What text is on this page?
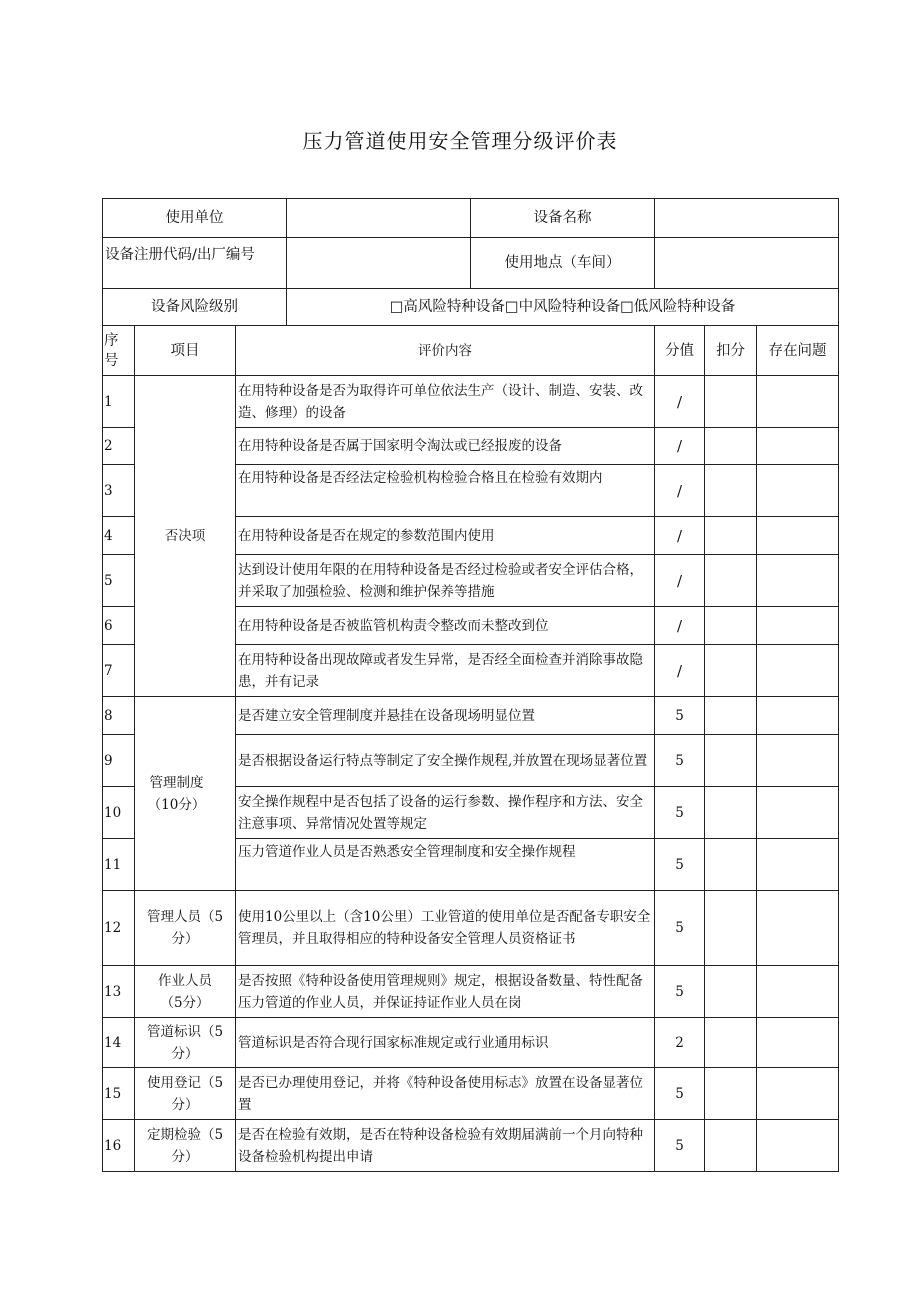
压力管道使用安全管理分级评价表
使用单位				设备名称			
设备注册代码/出厂编号				使用地点（车间）			
设备风险级别			□高风险特种设备□中风险特种设备□低风险特种设备				
序号	项目	评价内容			分值	扣分	存在问题
1	否决项	在用特种设备是否为取得许可单位依法生产（设计、制造、安装、改造、修理）的设备			/		
2		在用特种设备是否属于国家明令淘汰或已经报废的设备			/		
3		在用特种设备是否经法定检验机构检验合格且在检验有效期内			/		
4		在用特种设备是否在规定的参数范围内使用			/		
5		达到设计使用年限的在用特种设备是否经过检验或者安全评估合格，并采取了加强检验、检测和维护保养等措施			/		
6		在用特种设备是否被监管机构责令整改而未整改到位			/		
7		在用特种设备出现故障或者发生异常，是否经全面检查并消除事故隐患，并有记录			/		
8	管理制度（10分）	是否建立安全管理制度并悬挂在设备现场明显位置			5		
9		是否根据设备运行特点等制定了安全操作规程,并放置在现场显著位置			5		
10		安全操作规程中是否包括了设备的运行参数、操作程序和方法、安全注意事项、异常情况处置等规定			5		
11		压力管道作业人员是否熟悉安全管理制度和安全操作规程			5		
12	管理人员（5分）	使用10公里以上（含10公里）工业管道的使用单位是否配备专职安全管理员，并且取得相应的特种设备安全管理人员资格证书			5		
13	作业人员（5分）	是否按照《特种设备使用管理规则》规定，根据设备数量、特性配备压力管道的作业人员，并保证持证作业人员在岗			5		
14	管道标识（5分）	管道标识是否符合现行国家标准规定或行业通用标识			2		
15	使用登记（5分）	是否已办理使用登记，并将《特种设备使用标志》放置在设备显著位置			5		
16	定期检验（5分）	是否在检验有效期，是否在特种设备检验有效期届满前一个月向特种设备检验机构提出申请			5		
